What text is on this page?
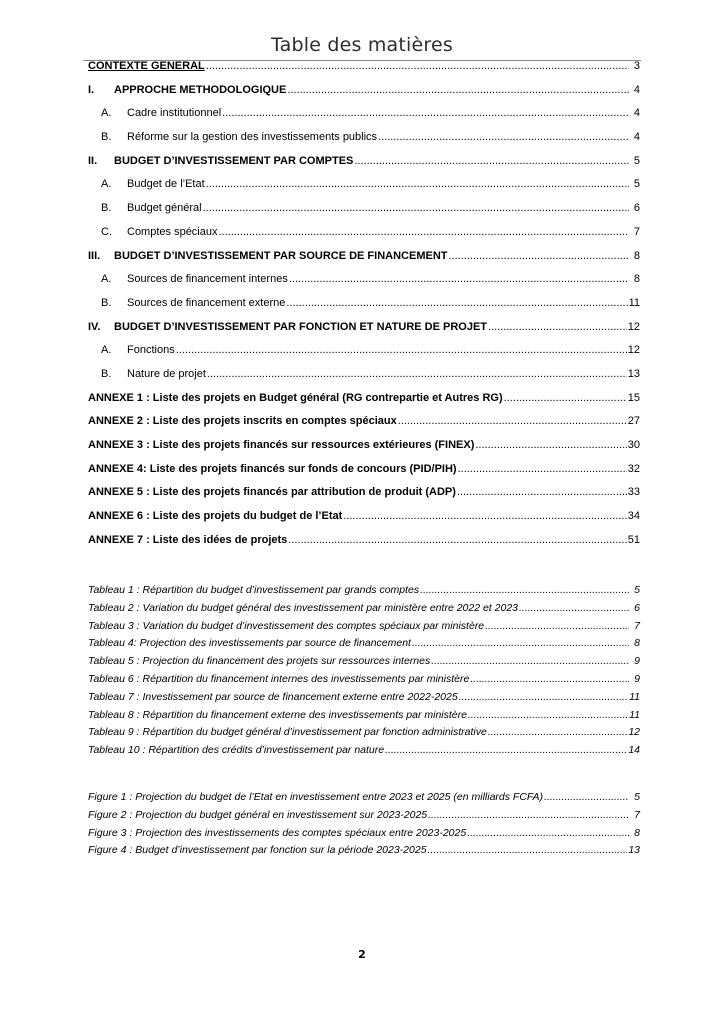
Table des matières
CONTEXTE GENERAL .....	3
I.	APPROCHE METHODOLOGIQUE .....	4
A.	Cadre institutionnel .....	4
B.	Réforme sur la gestion des investissements publics .....	4
II.	BUDGET D’INVESTISSEMENT PAR COMPTES .....	5
A.	Budget de l’Etat .....	5
B.	Budget général .....	6
C.	Comptes spéciaux .....	7
III.	BUDGET D’INVESTISSEMENT PAR SOURCE DE FINANCEMENT .....	8
A.	Sources de financement internes .....	8
B.	Sources de financement externe .....	11
IV.	BUDGET D’INVESTISSEMENT PAR FONCTION ET NATURE DE PROJET .....	12
A.	Fonctions .....	12
B.	Nature de projet .....	13
ANNEXE 1 : Liste des projets en Budget général (RG contrepartie et Autres RG) .....	15
ANNEXE 2 : Liste des projets inscrits en comptes spéciaux .....	27
ANNEXE 3 : Liste des projets financés sur ressources extérieures (FINEX) .....	30
ANNEXE 4: Liste des projets financés sur fonds de concours (PID/PIH) .....	32
ANNEXE 5 : Liste des projets financés par attribution de produit (ADP) .....	33
ANNEXE 6 : Liste des projets du budget de l’Etat .....	34
ANNEXE 7 : Liste des idées de projets .....	51
Tableau 1 : Répartition du budget d’investissement par grands comptes .....	5
Tableau 2 : Variation du budget général des investissement par ministère entre 2022 et 2023 .....	6
Tableau 3 : Variation du budget d’investissement des comptes spéciaux par ministère .....	7
Tableau 4: Projection des investissements par source de financement .....	8
Tableau 5 : Projection du financement des projets sur ressources internes .....	9
Tableau 6 : Répartition du financement internes des investissements par ministère .....	9
Tableau 7 : Investissement par source de financement externe entre 2022-2025 .....	11
Tableau 8 : Répartition du financement externe des investissements par ministère .....	11
Tableau 9 : Répartition du budget général d’investissement par fonction administrative .....	12
Tableau 10 : Répartition des crédits d’investissement par nature .....	14
Figure 1 : Projection du budget de l’Etat en investissement entre 2023 et 2025 (en milliards FCFA) .....	5
Figure 2 : Projection du budget général en investissement sur 2023-2025 .....	7
Figure 3 : Projection des investissements des comptes spéciaux entre 2023-2025 .....	8
Figure 4 : Budget d’investissement par fonction sur la période 2023-2025 .....	13
2
